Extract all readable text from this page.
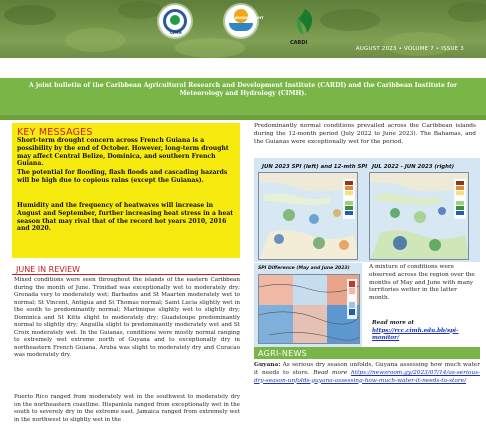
CIMH
CARIBDROUGHT
CARDI
AUGUST 2023 • VOLUME 7 • ISSUE 3
A joint bulletin of the Caribbean Agricultural Research and Development Institute (CARDI) and the Caribbean Institute for Meteorology and Hydrology (CIMH).
KEY MESSAGES

Short-term drought concern across French Guiana is a possibility by the end of October. However, long-term drought may affect Central Belize, Dominica, and southern French Guiana.

The potential for flooding, flash floods and cascading hazards will be high due to copious rains (except the Guianas).

Humidity and the frequency of heatwaves will increase in August and September, further increasing heat stress in a heat season that may rival that of the record hot years 2010, 2016 and 2020.

JUNE IN REVIEW

Mixed conditions were seen throughout the islands of the eastern Caribbean during the month of June. Trinidad was exceptionally wet to moderately dry; Grenada very to moderately wet; Barbados and St Maarten moderately wet to normal; St Vincent, Antigua and St Thomas normal; Saint Lucia slightly wet in the south to predominantly normal; Martinique slightly wet to slightly dry; Dominica and St Kitts slight to moderately dry; Guadeloupe predominantly normal to slightly dry; Anguilla slight to predominantly moderately wet and St Croix moderately wet. In the Guianas, conditions were mostly normal ranging to extremely wet extreme north of Guyana and to exceptionally dry in northeastern French Guiana. Aruba was slight to moderately dry and Curacao was moderately dry.

Puerto Rico ranged from moderately wet in the southwest to moderately dry on the northeastern coastline. Hispaniola ranged from exceptionally wet in the south to severely dry in the extreme east. Jamaica ranged from extremely wet in the northwest to slightly wet in the

Predominantly normal conditions prevailed across the Caribbean islands during the 12-month period (July 2022 to June 2023). The Bahamas, and the Guianas were exceptionally wet for the period.

JUN 2023 SPI (left) and 12-mth SPI JUL 2022 - JUN 2023 (right)
SPI Difference (May and June 2023)	A mixture of conditions were observed across the region over the months of May and June with many territories wetter in the latter month.

Read more at https://rcc.cimh.edu.bb/spi-monitor/
AGRI-NEWS

Guyana: As serious dry season unfolds, Guyana assessing how much water it needs to store. Read more https://newsroom.gy/2023/07/14/as-serious-dry-season-unfolds-guyana-assessing-how-much-water-it-needs-to-store/
